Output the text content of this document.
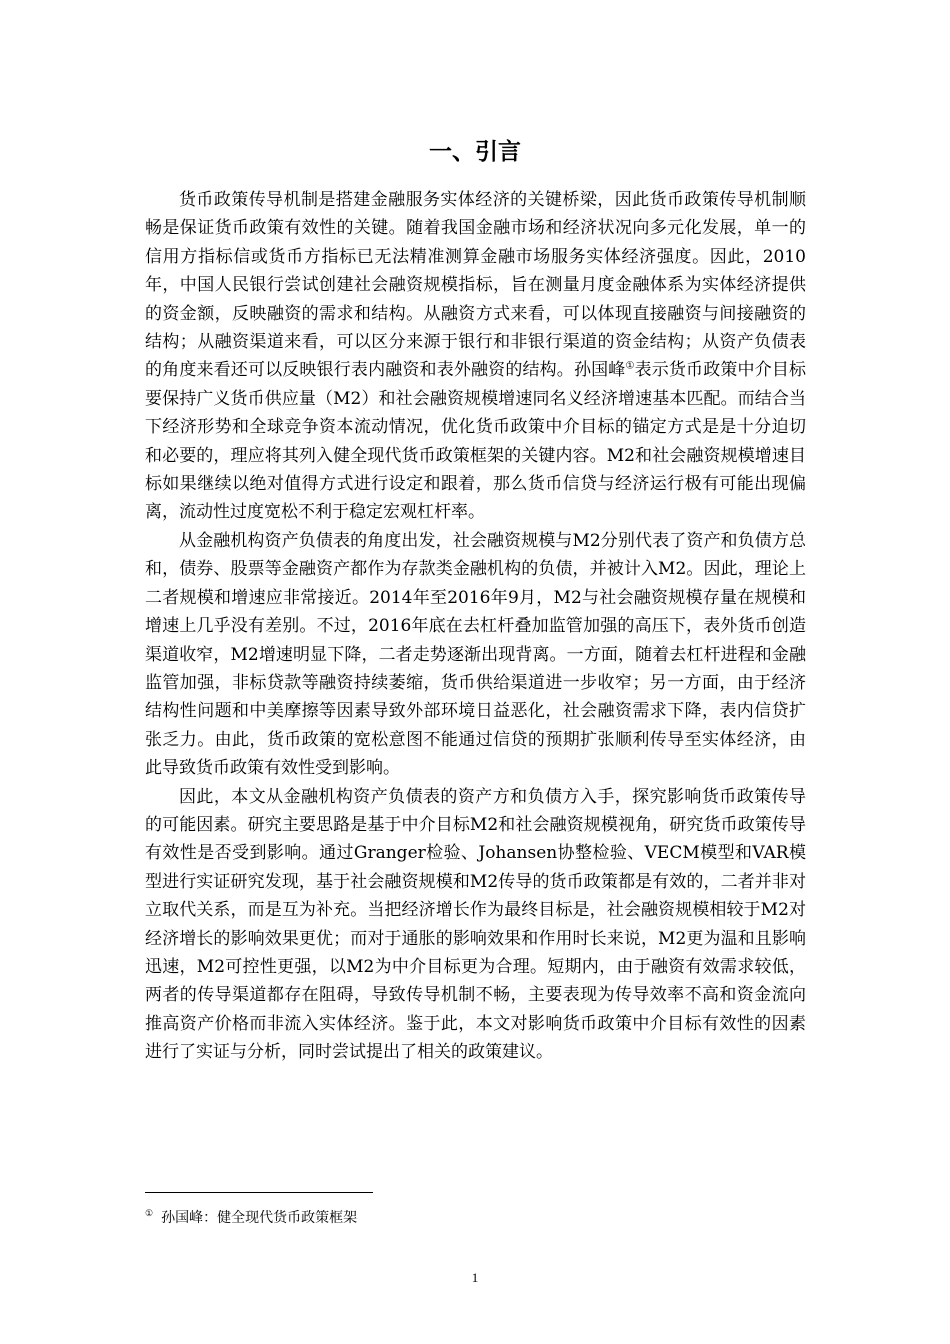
一、引言

货币政策传导机制是搭建金融服务实体经济的关键桥梁，因此货币政策传导机制顺畅是保证货币政策有效性的关键。随着我国金融市场和经济状况向多元化发展，单一的信用方指标信或货币方指标已无法精准测算金融市场服务实体经济强度。因此，2010年，中国人民银行尝试创建社会融资规模指标，旨在测量月度金融体系为实体经济提供的资金额，反映融资的需求和结构。从融资方式来看，可以体现直接融资与间接融资的结构；从融资渠道来看，可以区分来源于银行和非银行渠道的资金结构；从资产负债表的角度来看还可以反映银行表内融资和表外融资的结构。孙国峰①表示货币政策中介目标要保持广义货币供应量（M2）和社会融资规模增速同名义经济增速基本匹配。而结合当下经济形势和全球竞争资本流动情况，优化货币政策中介目标的锚定方式是是十分迫切和必要的，理应将其列入健全现代货币政策框架的关键内容。M2和社会融资规模增速目标如果继续以绝对值得方式进行设定和跟着，那么货币信贷与经济运行极有可能出现偏离，流动性过度宽松不利于稳定宏观杠杆率。

从金融机构资产负债表的角度出发，社会融资规模与M2分别代表了资产和负债方总和，债券、股票等金融资产都作为存款类金融机构的负债，并被计入M2。因此，理论上二者规模和增速应非常接近。2014年至2016年9月，M2与社会融资规模存量在规模和增速上几乎没有差别。不过，2016年底在去杠杆叠加监管加强的高压下，表外货币创造渠道收窄，M2增速明显下降，二者走势逐渐出现背离。一方面，随着去杠杆进程和金融监管加强，非标贷款等融资持续萎缩，货币供给渠道进一步收窄；另一方面，由于经济结构性问题和中美摩擦等因素导致外部环境日益恶化，社会融资需求下降，表内信贷扩张乏力。由此，货币政策的宽松意图不能通过信贷的预期扩张顺利传导至实体经济，由此导致货币政策有效性受到影响。

因此，本文从金融机构资产负债表的资产方和负债方入手，探究影响货币政策传导的可能因素。研究主要思路是基于中介目标M2和社会融资规模视角，研究货币政策传导有效性是否受到影响。通过Granger检验、Johansen协整检验、VECM模型和VAR模型进行实证研究发现，基于社会融资规模和M2传导的货币政策都是有效的，二者并非对立取代关系，而是互为补充。当把经济增长作为最终目标是，社会融资规模相较于M2对经济增长的影响效果更优；而对于通胀的影响效果和作用时长来说，M2更为温和且影响迅速，M2可控性更强，以M2为中介目标更为合理。短期内，由于融资有效需求较低，两者的传导渠道都存在阻碍，导致传导机制不畅，主要表现为传导效率不高和资金流向推高资产价格而非流入实体经济。鉴于此，本文对影响货币政策中介目标有效性的因素进行了实证与分析，同时尝试提出了相关的政策建议。

① 孙国峰：健全现代货币政策框架
1
